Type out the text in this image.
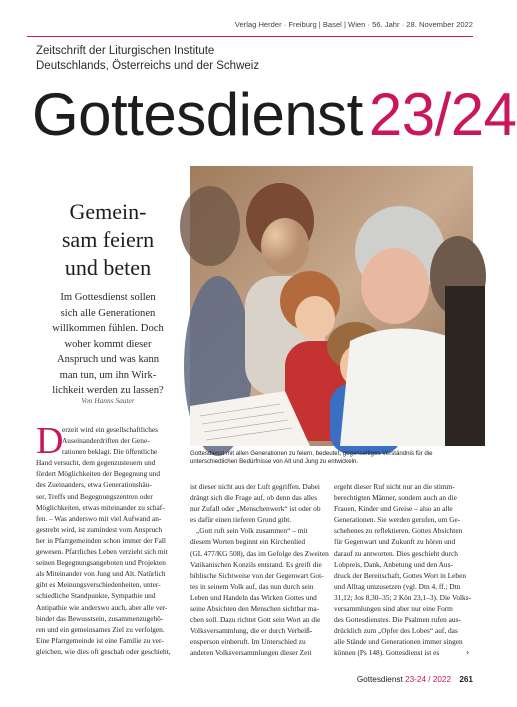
Verlag Herder · Freiburg | Basel | Wien · 56. Jahr · 28. November 2022
Zeitschrift der Liturgischen Institute
Deutschlands, Österreichs und der Schweiz
Gottesdienst 23/24
Gottesdienst mit allen Generationen zu feiern, bedeutet, gegenseitiges Verständnis für die unterschiedlichen Bedürfnisse von Alt und Jung zu entwickeln.
Gemein-
sam feiern
und beten
Im Gottesdienst sollen
sich alle Generationen
willkommen fühlen. Doch
woher kommt dieser
Anspruch und was kann
man tun, um ihn Wirk-
lichkeit werden zu lassen?
Von Hanns Sauter
D
erzeit wird ein gesellschaftliches
Auseinanderdriften der Gene-
rationen beklagt. Die öffentliche
Hand versucht, dem gegenzusteuern und
fördert Möglichkeiten der Begegnung und
des Zueinanders, etwa Generationshäu-
ser, Treffs und Begegnungszentren oder
Möglichkeiten, etwas miteinander zu schaf-
fen. – Was anderswo mit viel Aufwand an-
gestrebt wird, ist zumindest vom Anspruch
her in Pfarrgemeinden schon immer der Fall
gewesen. Pfarrliches Leben verzieht sich mit
seinen Begegnungsangeboten und Projekten
als Miteinander von Jung und Alt. Natürlich
gibt es Meinungsverschiedenheiten, unter-
schiedliche Standpunkte, Sympathie und
Antipathie wie anderswo auch, aber alle ver-
bindet das Bewusstsein, zusammenzugehö-
ren und ein gemeinsames Ziel zu verfolgen.
Eine Pfarrgemeinde ist eine Familie zu ver-
gleichen, wie dies oft geschah oder geschieht,
ist dieser nicht aus der Luft gegriffen. Dabei
drängt sich die Frage auf, ob denn das alles
nur Zufall oder „Menschenwerk“ ist oder ob
es dafür einen tieferen Grund gibt.
„Gott ruft sein Volk zusammen“ – mit
diesem Worten beginnt ein Kirchenlied
(GL 477/KG 508), das im Gefolge des Zweiten
Vatikanischen Konzils entstand. Es greift die
biblische Sichtweise von der Gegenwart Got-
tes in seinem Volk auf, das nun durch sein
Leben und Handeln das Wirken Gottes und
seine Absichten den Menschen sichtbar ma-
chen soll. Dazu richtet Gott sein Wort an die
Volksversammlung, die er durch Verheiß-
ensperson einberuft. Im Unterschied zu
anderen Volksversammlungen dieser Zeit
ergeht dieser Ruf nicht nur an die stimm-
berechtigten Männer, sondern auch an die
Frauen, Kinder und Greise – also an alle
Generationen. Sie werden gerufen, um Ge-
schehenes zu reflektieren, Gottes Absichten
für Gegenwart und Zukunft zu hören und
darauf zu antworten. Dies geschieht durch
Lobpreis, Dank, Anbetung und den Aus-
druck der Bereitschaft, Gottes Wort in Leben
und Alltag umzusetzen (vgl. Dtn 4, ff.; Dtn
31,12; Jos 8,30–35; 2 Kön 23,1–3). Die Volks-
versammlungen sind aber nur eine Form
des Gottesdienstes. Die Psalmen rufen aus-
drücklich zum „Opfer des Lobes“ auf, das
alle Stände und Generationen immer singen
können (Ps 148). Gottesdienst ist es	›
Gottesdienst 23-24 / 2022 261
